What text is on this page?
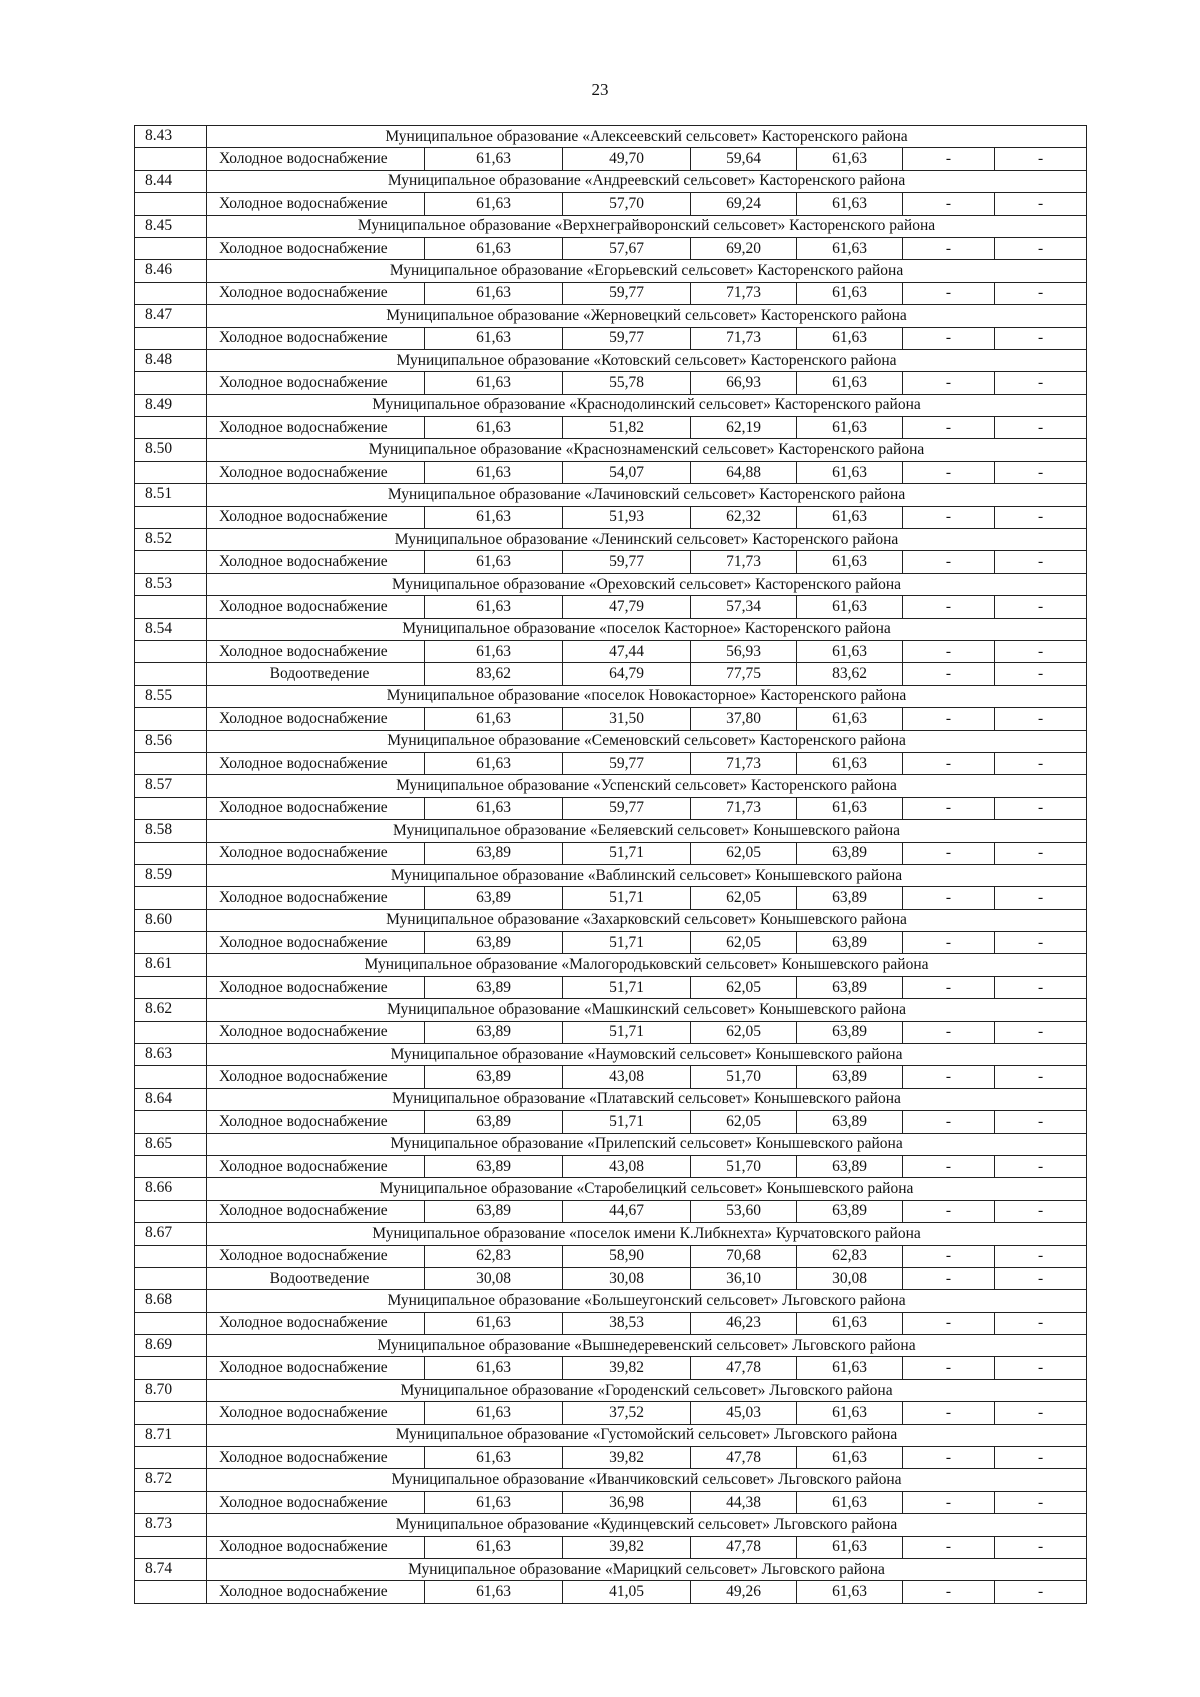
23
8.43	Муниципальное образование «Алексеевский сельсовет» Касторенского района						
	Холодное водоснабжение	61,63	49,70	59,64	61,63	-	-
8.44	Муниципальное образование «Андреевский сельсовет» Касторенского района						
	Холодное водоснабжение	61,63	57,70	69,24	61,63	-	-
8.45	Муниципальное образование «Верхнеграйворонский сельсовет» Касторенского района						
	Холодное водоснабжение	61,63	57,67	69,20	61,63	-	-
8.46	Муниципальное образование «Егорьевский сельсовет» Касторенского района						
	Холодное водоснабжение	61,63	59,77	71,73	61,63	-	-
8.47	Муниципальное образование «Жерновецкий сельсовет» Касторенского района						
	Холодное водоснабжение	61,63	59,77	71,73	61,63	-	-
8.48	Муниципальное образование «Котовский сельсовет» Касторенского района						
	Холодное водоснабжение	61,63	55,78	66,93	61,63	-	-
8.49	Муниципальное образование «Краснодолинский сельсовет» Касторенского района						
	Холодное водоснабжение	61,63	51,82	62,19	61,63	-	-
8.50	Муниципальное образование «Краснознаменский сельсовет» Касторенского района						
	Холодное водоснабжение	61,63	54,07	64,88	61,63	-	-
8.51	Муниципальное образование «Лачиновский сельсовет» Касторенского района						
	Холодное водоснабжение	61,63	51,93	62,32	61,63	-	-
8.52	Муниципальное образование «Ленинский сельсовет» Касторенского района						
	Холодное водоснабжение	61,63	59,77	71,73	61,63	-	-
8.53	Муниципальное образование «Ореховский сельсовет» Касторенского района						
	Холодное водоснабжение	61,63	47,79	57,34	61,63	-	-
8.54	Муниципальное образование «поселок Касторное» Касторенского района						
	Холодное водоснабжение	61,63	47,44	56,93	61,63	-	-
	Водоотведение	83,62	64,79	77,75	83,62	-	-
8.55	Муниципальное образование «поселок Новокасторное» Касторенского района						
	Холодное водоснабжение	61,63	31,50	37,80	61,63	-	-
8.56	Муниципальное образование «Семеновский сельсовет» Касторенского района						
	Холодное водоснабжение	61,63	59,77	71,73	61,63	-	-
8.57	Муниципальное образование «Успенский сельсовет» Касторенского района						
	Холодное водоснабжение	61,63	59,77	71,73	61,63	-	-
8.58	Муниципальное образование «Беляевский сельсовет» Конышевского района						
	Холодное водоснабжение	63,89	51,71	62,05	63,89	-	-
8.59	Муниципальное образование «Ваблинский сельсовет» Конышевского района						
	Холодное водоснабжение	63,89	51,71	62,05	63,89	-	-
8.60	Муниципальное образование «Захарковский сельсовет» Конышевского района						
	Холодное водоснабжение	63,89	51,71	62,05	63,89	-	-
8.61	Муниципальное образование «Малогородьковский сельсовет» Конышевского района						
	Холодное водоснабжение	63,89	51,71	62,05	63,89	-	-
8.62	Муниципальное образование «Машкинский сельсовет» Конышевского района						
	Холодное водоснабжение	63,89	51,71	62,05	63,89	-	-
8.63	Муниципальное образование «Наумовский сельсовет» Конышевского района						
	Холодное водоснабжение	63,89	43,08	51,70	63,89	-	-
8.64	Муниципальное образование «Платавский сельсовет» Конышевского района						
	Холодное водоснабжение	63,89	51,71	62,05	63,89	-	-
8.65	Муниципальное образование «Прилепский сельсовет» Конышевского района						
	Холодное водоснабжение	63,89	43,08	51,70	63,89	-	-
8.66	Муниципальное образование «Старобелицкий сельсовет» Конышевского района						
	Холодное водоснабжение	63,89	44,67	53,60	63,89	-	-
8.67	Муниципальное образование «поселок имени К.Либкнехта» Курчатовского района						
	Холодное водоснабжение	62,83	58,90	70,68	62,83	-	-
	Водоотведение	30,08	30,08	36,10	30,08	-	-
8.68	Муниципальное образование «Большеугонский сельсовет» Льговского района						
	Холодное водоснабжение	61,63	38,53	46,23	61,63	-	-
8.69	Муниципальное образование «Вышнедеревенский сельсовет» Льговского района						
	Холодное водоснабжение	61,63	39,82	47,78	61,63	-	-
8.70	Муниципальное образование «Городенский сельсовет» Льговского района						
	Холодное водоснабжение	61,63	37,52	45,03	61,63	-	-
8.71	Муниципальное образование «Густомойский сельсовет» Льговского района						
	Холодное водоснабжение	61,63	39,82	47,78	61,63	-	-
8.72	Муниципальное образование «Иванчиковский сельсовет» Льговского района						
	Холодное водоснабжение	61,63	36,98	44,38	61,63	-	-
8.73	Муниципальное образование «Кудинцевский сельсовет» Льговского района						
	Холодное водоснабжение	61,63	39,82	47,78	61,63	-	-
8.74	Муниципальное образование «Марицкий сельсовет» Льговского района						
	Холодное водоснабжение	61,63	41,05	49,26	61,63	-	-
